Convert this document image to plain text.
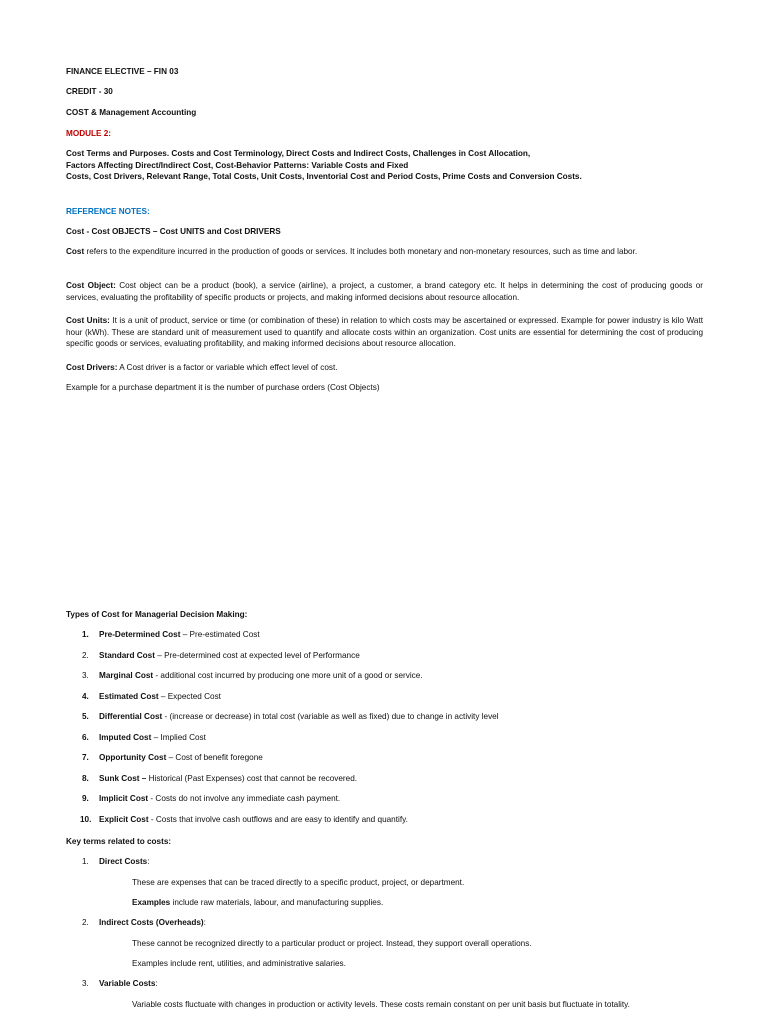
FINANCE ELECTIVE – FIN 03

CREDIT - 30

COST & Management Accounting

MODULE 2:

Cost Terms and Purposes. Costs and Cost Terminology, Direct Costs and Indirect Costs, Challenges in Cost Allocation,

Factors Affecting Direct/Indirect Cost, Cost-Behavior Patterns: Variable Costs and Fixed

Costs, Cost Drivers, Relevant Range, Total Costs, Unit Costs, Inventorial Cost and Period Costs, Prime Costs and Conversion Costs.

REFERENCE NOTES:

Cost - Cost OBJECTS – Cost UNITS and Cost DRIVERS

Cost refers to the expenditure incurred in the production of goods or services. It includes both monetary and non-monetary resources, such as time and labor.

Cost Object: Cost object can be a product (book), a service (airline), a project, a customer, a brand category etc. It helps in determining the cost of producing goods or services, evaluating the profitability of specific products or projects, and making informed decisions about resource allocation.

Cost Units: It is a unit of product, service or time (or combination of these) in relation to which costs may be ascertained or expressed. Example for power industry is kilo Watt hour (kWh). These are standard unit of measurement used to quantify and allocate costs within an organization. Cost units are essential for determining the cost of producing specific goods or services, evaluating profitability, and making informed decisions about resource allocation.

Cost Drivers: A Cost driver is a factor or variable which effect level of cost.

Example for a purchase department it is the number of purchase orders (Cost Objects)

Types of Cost for Managerial Decision Making:

1. Pre-Determined Cost – Pre-estimated Cost
2. Standard Cost – Pre-determined cost at expected level of Performance
3. Marginal Cost - additional cost incurred by producing one more unit of a good or service.
4. Estimated Cost – Expected Cost
5. Differential Cost - (increase or decrease) in total cost (variable as well as fixed) due to change in activity level
6. Imputed Cost – Implied Cost
7. Opportunity Cost – Cost of benefit foregone
8. Sunk Cost – Historical (Past Expenses) cost that cannot be recovered.
9. Implicit Cost - Costs do not involve any immediate cash payment.
10. Explicit Cost - Costs that involve cash outflows and are easy to identify and quantify.

Key terms related to costs:

1. Direct Costs:

These are expenses that can be traced directly to a specific product, project, or department.

Examples include raw materials, labour, and manufacturing supplies.

2. Indirect Costs (Overheads):

These cannot be recognized directly to a particular product or project. Instead, they support overall operations.

Examples include rent, utilities, and administrative salaries.

3. Variable Costs:

Variable costs fluctuate with changes in production or activity levels. These costs remain constant on per unit basis but fluctuate in totality.
